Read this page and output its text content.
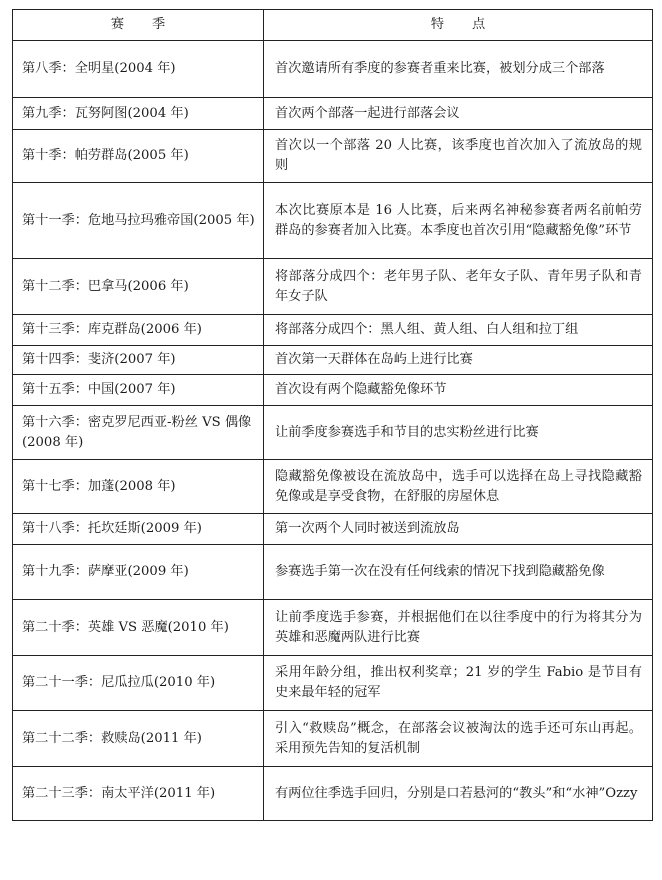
赛季	特点
第八季：全明星(2004 年)	首次邀请所有季度的参赛者重来比赛，被划分成三个部落
第九季：瓦努阿图(2004 年)	首次两个部落一起进行部落会议
第十季：帕劳群岛(2005 年)	首次以一个部落 20 人比赛，该季度也首次加入了流放岛的规则
第十一季：危地马拉玛雅帝国(2005 年)	本次比赛原本是 16 人比赛，后来两名神秘参赛者两名前帕劳群岛的参赛者加入比赛。本季度也首次引用“隐藏豁免像”环节
第十二季：巴拿马(2006 年)	将部落分成四个：老年男子队、老年女子队、青年男子队和青年女子队
第十三季：库克群岛(2006 年)	将部落分成四个：黑人组、黄人组、白人组和拉丁组
第十四季：斐济(2007 年)	首次第一天群体在岛屿上进行比赛
第十五季：中国(2007 年)	首次设有两个隐藏豁免像环节
第十六季：密克罗尼西亚-粉丝 VS 偶像(2008 年)	让前季度参赛选手和节目的忠实粉丝进行比赛
第十七季：加蓬(2008 年)	隐藏豁免像被设在流放岛中，选手可以选择在岛上寻找隐藏豁免像或是享受食物，在舒服的房屋休息
第十八季：托坎廷斯(2009 年)	第一次两个人同时被送到流放岛
第十九季：萨摩亚(2009 年)	参赛选手第一次在没有任何线索的情况下找到隐藏豁免像
第二十季：英雄 VS 恶魔(2010 年)	让前季度选手参赛，并根据他们在以往季度中的行为将其分为英雄和恶魔两队进行比赛
第二十一季：尼瓜拉瓜(2010 年)	采用年龄分组，推出权利奖章；21 岁的学生 Fabio 是节目有史来最年轻的冠军
第二十二季：救赎岛(2011 年)	引入“救赎岛”概念，在部落会议被淘汰的选手还可东山再起。采用预先告知的复活机制
第二十三季：南太平洋(2011 年)	有两位往季选手回归，分别是口若悬河的“教头”和“水神”Ozzy
